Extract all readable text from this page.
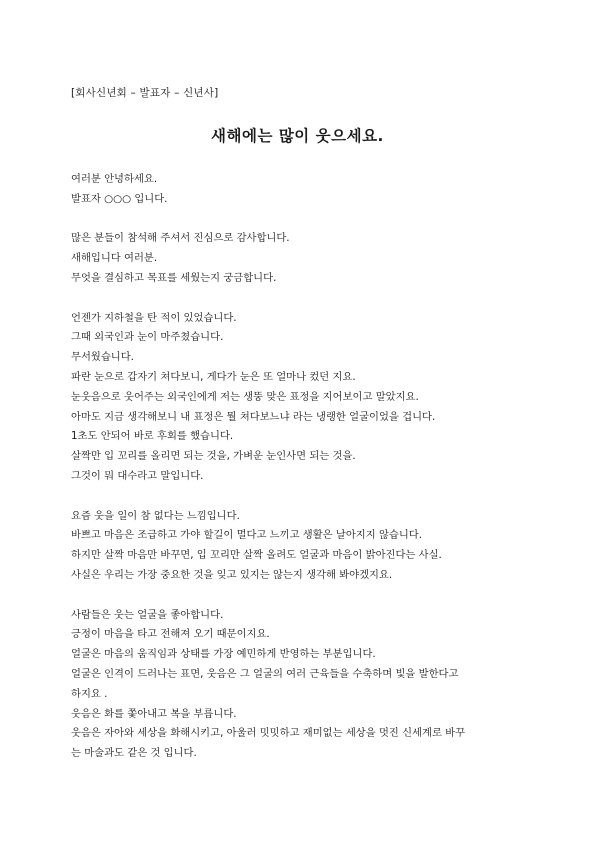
[회사신년회 – 발표자 – 신년사]
새해에는 많이 웃으세요.
여러분 안녕하세요.
발표자 ○○○ 입니다.
많은 분들이 참석해 주셔서 진심으로 감사합니다.
새해입니다 여러분.
무엇을 결심하고 목표를 세웠는지 궁금합니다.
언젠가 지하철을 탄 적이 있었습니다.
그때 외국인과 눈이 마주쳤습니다.
무서웠습니다.
파란 눈으로 갑자기 쳐다보니, 게다가 눈은 또 얼마나 컸던 지요.
눈웃음으로 웃어주는 외국인에게 저는 생뚱 맞은 표정을 지어보이고 말았지요.
아마도 지금 생각해보니 내 표정은 뭘 쳐다보느냐 라는 냉랭한 얼굴이었을 겁니다.
1초도 안되어 바로 후회를 했습니다.
살짝만 입 꼬리를 올리면 되는 것을, 가벼운 눈인사면 되는 것을.
그것이 뭐 대수라고 말입니다.
요즘 웃을 일이 참 없다는 느낌입니다.
바쁘고 마음은 조급하고 가야 할길이 멀다고 느끼고 생활은 날아지지 않습니다.
하지만 살짝 마음만 바꾸면, 입 꼬리만 살짝 올려도 얼굴과 마음이 밝아진다는 사실.
사실은 우리는 가장 중요한 것을 잊고 있지는 않는지 생각해 봐야겠지요.
사람들은 웃는 얼굴을 좋아합니다.
긍정이 마음을 타고 전해져 오기 때문이지요.
얼굴은 마음의 움직임과 상태를 가장 예민하게 반영하는 부분입니다.
얼굴은 인격이 드러나는 표면, 웃음은 그 얼굴의 여러 근육들을 수축하며 빛을 발한다고
하지요 .
웃음은 화를 쫓아내고 복을 부릅니다.
웃음은 자아와 세상을 화해시키고, 아울러 밋밋하고 재미없는 세상을 멋진 신세계로 바꾸
는 마술과도 같은 것 입니다.
